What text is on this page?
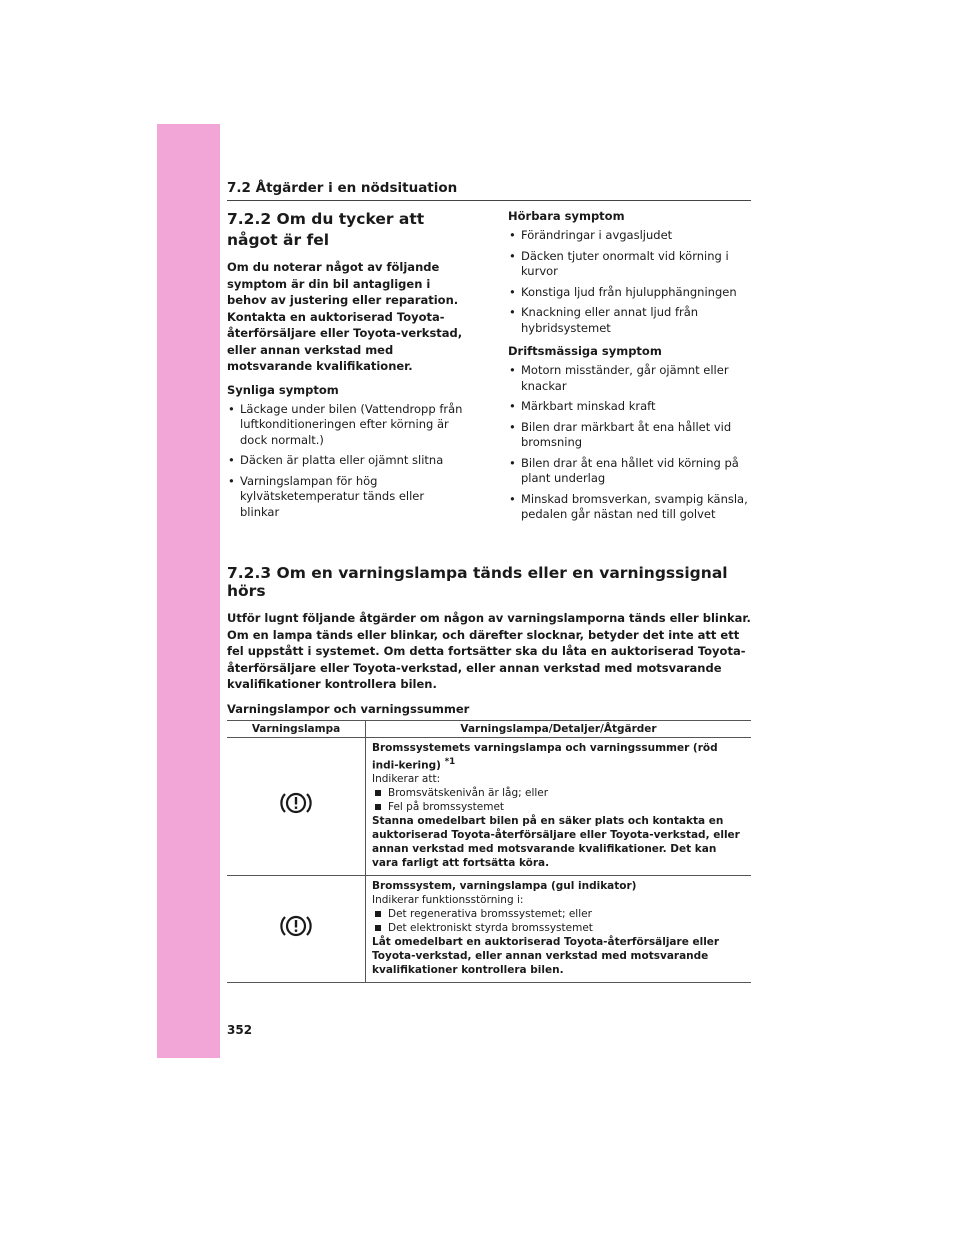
7.2 Åtgärder i en nödsituation
7.2.2 Om du tycker att något är fel

Om du noterar något av följande symptom är din bil antagligen i behov av justering eller reparation. Kontakta en auktoriserad Toyota-återförsäljare eller Toyota-verkstad, eller annan verkstad med motsvarande kvalifikationer.

Synliga symptom
• Läckage under bilen (Vattendropp från luftkonditioneringen efter körning är dock normalt.)
• Däcken är platta eller ojämnt slitna
• Varningslampan för hög kylvätsketemperatur tänds eller blinkar
Hörbara symptom
• Förändringar i avgasljudet
• Däcken tjuter onormalt vid körning i kurvor
• Konstiga ljud från hjulupphängningen
• Knackning eller annat ljud från hybridsystemet
Driftsmässiga symptom
• Motorn misständer, går ojämnt eller knackar
• Märkbart minskad kraft
• Bilen drar märkbart åt ena hållet vid bromsning
• Bilen drar åt ena hållet vid körning på plant underlag
• Minskad bromsverkan, svampig känsla, pedalen går nästan ned till golvet
7.2.3 Om en varningslampa tänds eller en varningssignal hörs

Utför lugnt följande åtgärder om någon av varningslamporna tänds eller blinkar. Om en lampa tänds eller blinkar, och därefter slocknar, betyder det inte att ett fel uppstått i systemet. Om detta fortsätter ska du låta en auktoriserad Toyota-återförsäljare eller Toyota-verkstad, eller annan verkstad med motsvarande kvalifikationer kontrollera bilen.

Varningslampor och varningssummer
Varningslampa	Varningslampa/Detaljer/Åtgärder

Bromssystemets varningslampa och varningssummer (röd indi-kering) $^{*1}$
Indikerar att:
Bromsvätskenivån är låg; eller
Fel på bromssystemet
Stanna omedelbart bilen på en säker plats och kontakta en auktoriserad Toyota-återförsäljare eller Toyota-verkstad, eller annan verkstad med motsvarande kvalifikationer. Det kan vara farligt att fortsätta köra.

Bromssystem, varningslampa (gul indikator)
Indikerar funktionsstörning i:
Det regenerativa bromssystemet; eller
Det elektroniskt styrda bromssystemet
Låt omedelbart en auktoriserad Toyota-återförsäljare eller Toyota-verkstad, eller annan verkstad med motsvarande kvalifikationer kontrollera bilen.
352
